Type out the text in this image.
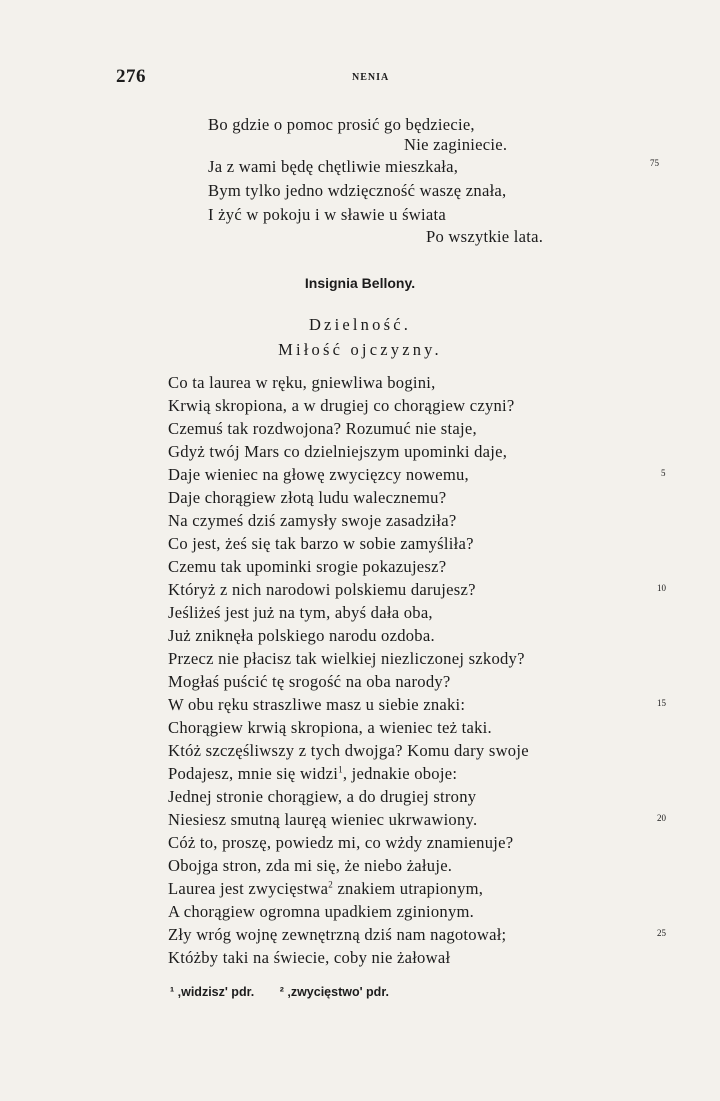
276	NENIA
Bo gdzie o pomoc prosić go będziecie,
Nie zaginiecie.
Ja z wami będę chętliwie mieszkała,
Bym tylko jedno wdzięczność waszę znała,
I żyć w pokoju i w sławie u świata
Po wszytkie lata.
75
Insignia Bellony.
Dzielność.
Miłość ojczyzny.
Co ta laurea w ręku, gniewliwa bogini,
Krwią skropiona, a w drugiej co chorągiew czyni?
Czemuś tak rozdwojona? Rozumuć nie staje,
Gdyż twój Mars co dzielniejszym upominki daje,
Daje wieniec na głowę zwycięzcy nowemu,
Daje chorągiew złotą ludu walecznemu?
Na czymeś dziś zamysły swoje zasadziła?
Co jest, żeś się tak barzo w sobie zamyśliła?
Czemu tak upominki srogie pokazujesz?
Któryż z nich narodowi polskiemu darujesz?
Jeśliżeś jest już na tym, abyś dała oba,
Już zniknęła polskiego narodu ozdoba.
Przecz nie płacisz tak wielkiej niezliczonej szkody?
Mogłaś puścić tę srogość na oba narody?
W obu ręku straszliwe masz u siebie znaki:
Chorągiew krwią skropiona, a wieniec też taki.
Któż szczęśliwszy z tych dwojga? Komu dary swoje
Podajesz, mnie się widzi$^1$, jednakie oboje:
Jednej stronie chorągiew, a do drugiej strony
Niesiesz smutną lauręą wieniec ukrwawiony.
Cóż to, proszę, powiedz mi, co wżdy znamienuje?
Obojga stron, zda mi się, że niebo żałuje.
Laurea jest zwycięstwa$^2$ znakiem utrapionym,
A chorągiew ogromna upadkiem zginionym.
Zły wróg wojnę zewnętrzną dziś nam nagotował;
Któżby taki na świecie, coby nie żałował
5
10
15
20
25
¹ ‚widzisz' pdr. ² ‚zwycięstwo' pdr.
